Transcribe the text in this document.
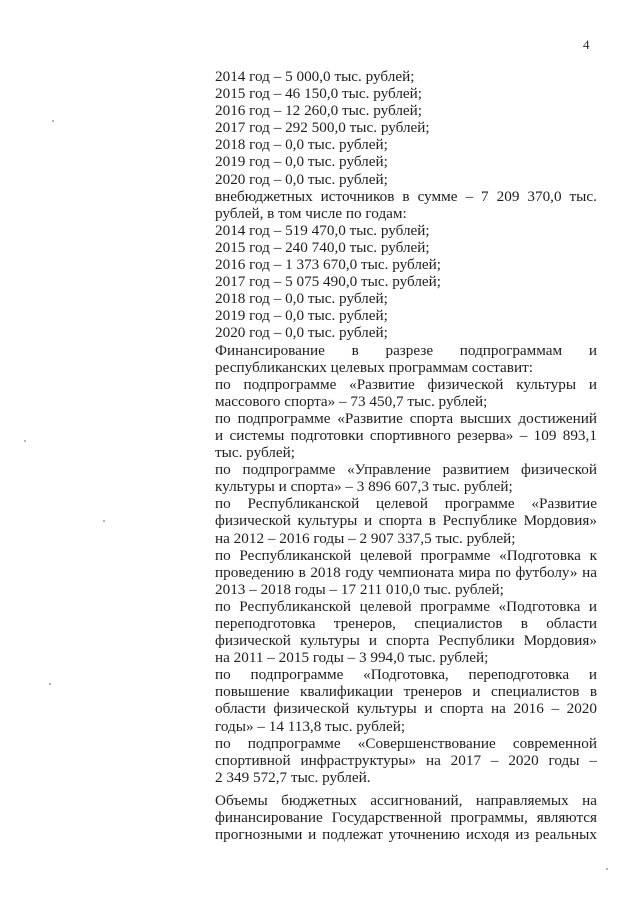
4
2014 год – 5 000,0 тыс. рублей;
2015 год – 46 150,0 тыс. рублей;
2016 год – 12 260,0 тыс. рублей;
2017 год – 292 500,0 тыс. рублей;
2018 год – 0,0 тыс. рублей;
2019 год – 0,0 тыс. рублей;
2020 год – 0,0 тыс. рублей;
внебюджетных источников в сумме – 7 209 370,0 тыс.
рублей, в том числе по годам:
2014 год – 519 470,0 тыс. рублей;
2015 год – 240 740,0 тыс. рублей;
2016 год – 1 373 670,0 тыс. рублей;
2017 год – 5 075 490,0 тыс. рублей;
2018 год – 0,0 тыс. рублей;
2019 год – 0,0 тыс. рублей;
2020 год – 0,0 тыс. рублей;
Финансирование в разрезе подпрограммам и
республиканских целевых программам составит:
по подпрограмме «Развитие физической культуры и
массового спорта» – 73 450,7 тыс. рублей;
по подпрограмме «Развитие спорта высших достижений
и системы подготовки спортивного резерва» – 109 893,1
тыс. рублей;
по подпрограмме «Управление развитием физической
культуры и спорта» – 3 896 607,3 тыс. рублей;
по Республиканской целевой программе «Развитие
физической культуры и спорта в Республике Мордовия»
на 2012 – 2016 годы – 2 907 337,5 тыс. рублей;
по Республиканской целевой программе «Подготовка к
проведению в 2018 году чемпионата мира по футболу» на
2013 – 2018 годы – 17 211 010,0 тыс. рублей;
по Республиканской целевой программе «Подготовка и
переподготовка тренеров, специалистов в области
физической культуры и спорта Республики Мордовия»
на 2011 – 2015 годы – 3 994,0 тыс. рублей;
по подпрограмме «Подготовка, переподготовка и
повышение квалификации тренеров и специалистов в
области физической культуры и спорта на 2016 – 2020
годы» – 14 113,8 тыс. рублей;
по подпрограмме «Совершенствование современной
спортивной инфраструктуры» на 2017 – 2020 годы –
2 349 572,7 тыс. рублей.
Объемы бюджетных ассигнований, направляемых на
финансирование Государственной программы, являются
прогнозными и подлежат уточнению исходя из реальных
